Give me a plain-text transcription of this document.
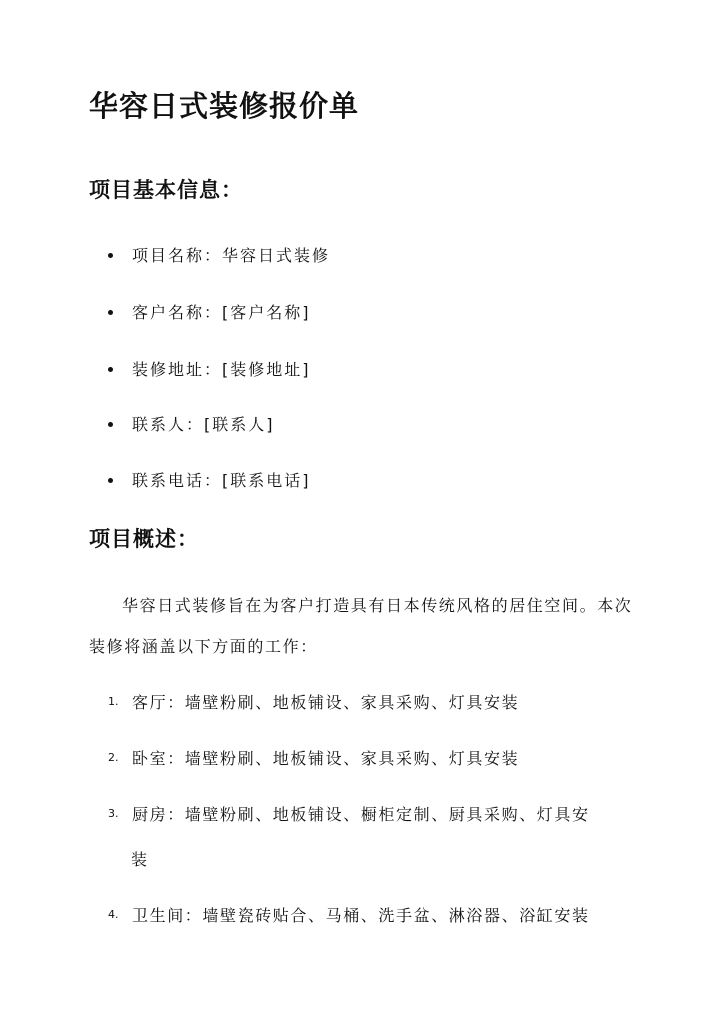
华容日式装修报价单
项目基本信息：
项目名称：华容日式装修
客户名称：[客户名称]
装修地址：[装修地址]
联系人：[联系人]
联系电话：[联系电话]
项目概述：

华容日式装修旨在为客户打造具有日本传统风格的居住空间。本次装修将涵盖以下方面的工作：

1. 客厅：墙壁粉刷、地板铺设、家具采购、灯具安装
2. 卧室：墙壁粉刷、地板铺设、家具采购、灯具安装
3. 厨房：墙壁粉刷、地板铺设、橱柜定制、厨具采购、灯具安
装
4. 卫生间：墙壁瓷砖贴合、马桶、洗手盆、淋浴器、浴缸安装
